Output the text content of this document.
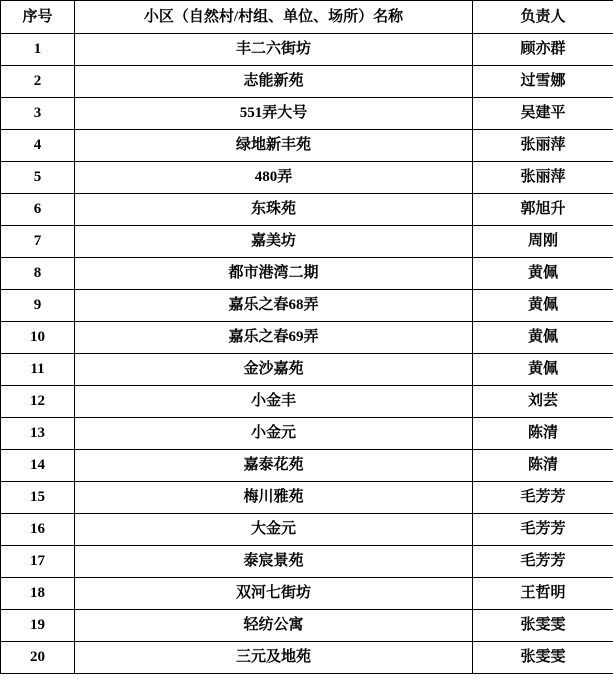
序号	小区（自然村/村组、单位、场所）名称	负责人
1	丰二六街坊	顾亦群
2	志能新苑	过雪娜
3	551弄大号	吴建平
4	绿地新丰苑	张丽萍
5	480弄	张丽萍
6	东珠苑	郭旭升
7	嘉美坊	周刚
8	都市港湾二期	黄佩
9	嘉乐之春68弄	黄佩
10	嘉乐之春69弄	黄佩
11	金沙嘉苑	黄佩
12	小金丰	刘芸
13	小金元	陈清
14	嘉泰花苑	陈清
15	梅川雅苑	毛芳芳
16	大金元	毛芳芳
17	泰宸景苑	毛芳芳
18	双河七街坊	王哲明
19	轻纺公寓	张雯雯
20	三元及地苑	张雯雯
